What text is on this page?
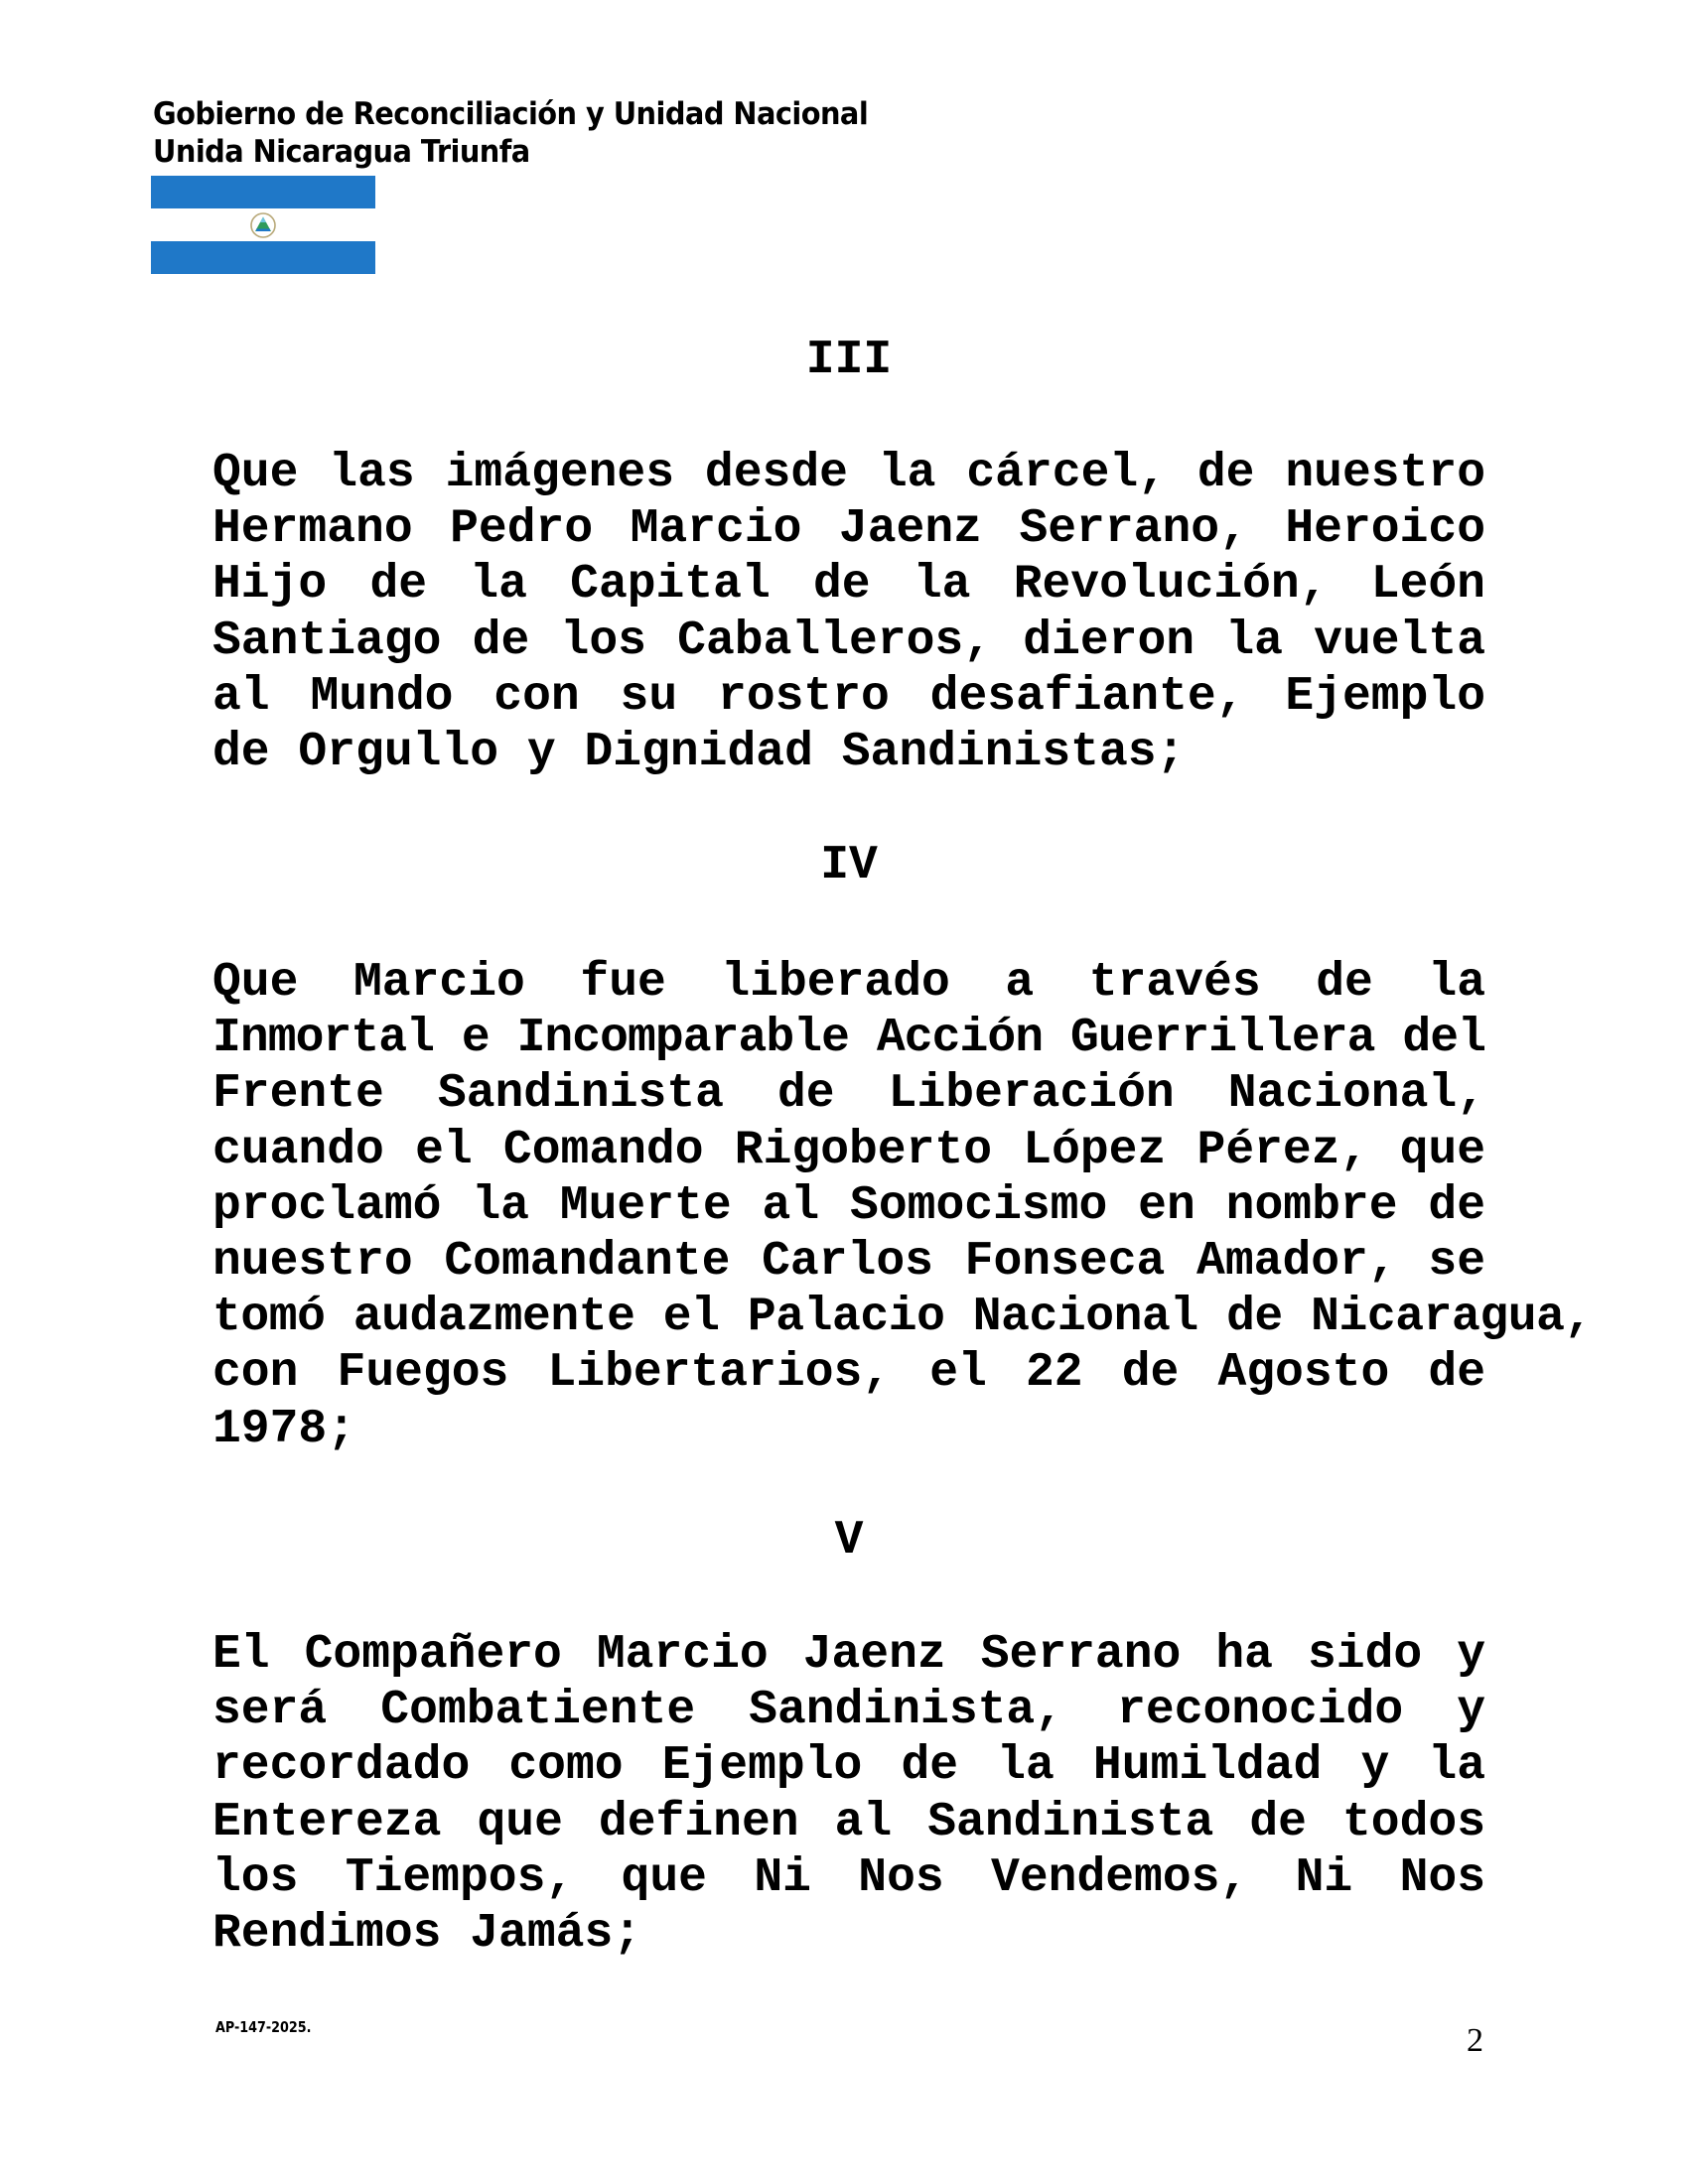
Gobierno de Reconciliación y Unidad Nacional
Unida Nicaragua Triunfa
III
Que las imágenes desde la cárcel, de nuestro
Hermano Pedro Marcio Jaenz Serrano, Heroico
Hijo de la Capital de la Revolución, León
Santiago de los Caballeros, dieron la vuelta
al Mundo con su rostro desafiante, Ejemplo
de Orgullo y Dignidad Sandinistas;
IV
Que Marcio fue liberado a través de la
Inmortal e Incomparable Acción Guerrillera del
Frente Sandinista de Liberación Nacional,
cuando el Comando Rigoberto López Pérez, que
proclamó la Muerte al Somocismo en nombre de
nuestro Comandante Carlos Fonseca Amador, se
tomó audazmente el Palacio Nacional de Nicaragua,
con Fuegos Libertarios, el 22 de Agosto de
1978;
V
El Compañero Marcio Jaenz Serrano ha sido y
será Combatiente Sandinista, reconocido y
recordado como Ejemplo de la Humildad y la
Entereza que definen al Sandinista de todos
los Tiempos, que Ni Nos Vendemos, Ni Nos
Rendimos Jamás;
AP-147-2025.	2
